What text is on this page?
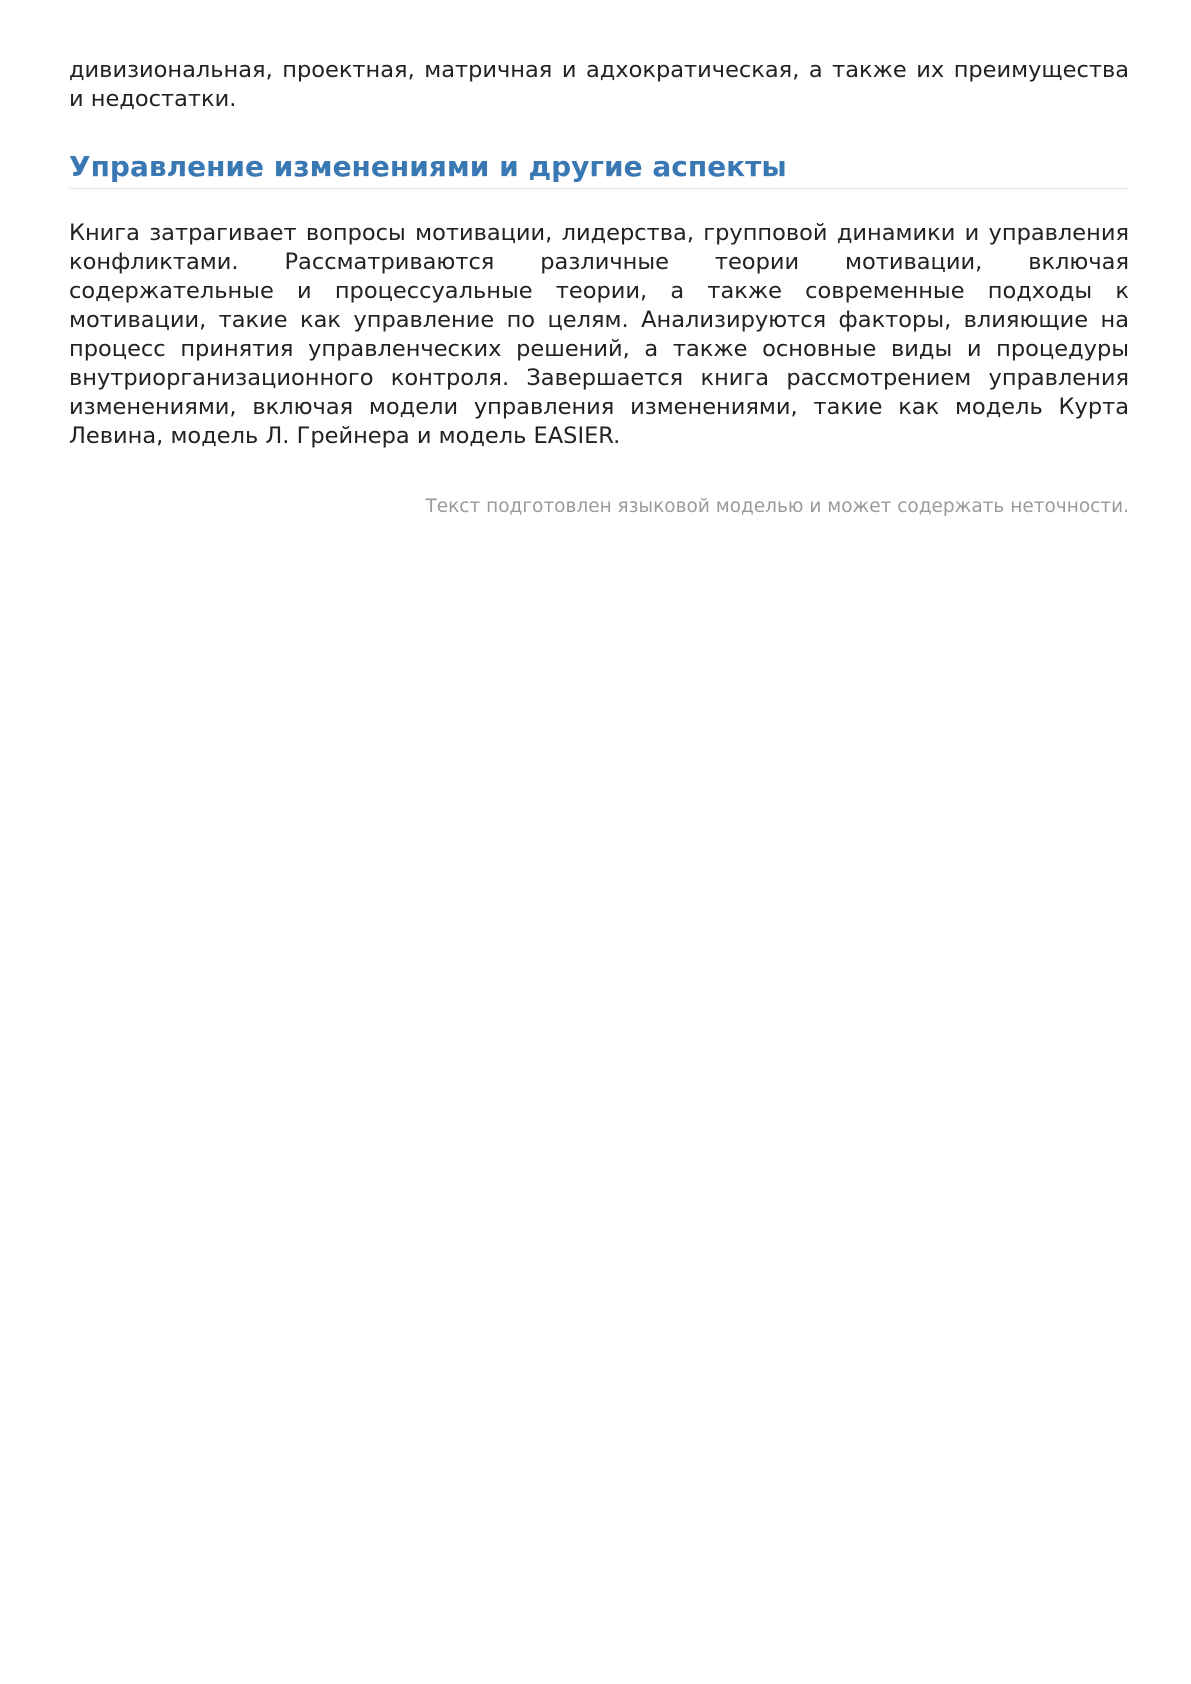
дивизиональная, проектная, матричная и адхократическая, а также их преимущества и недостатки.

Управление изменениями и другие аспекты

Книга затрагивает вопросы мотивации, лидерства, групповой динамики и управления конфликтами. Рассматриваются различные теории мотивации, включая содержательные и процессуальные теории, а также современные подходы к мотивации, такие как управление по целям. Анализируются факторы, влияющие на процесс принятия управленческих решений, а также основные виды и процедуры внутриорганизационного контроля. Завершается книга рассмотрением управления изменениями, включая модели управления изменениями, такие как модель Курта Левина, модель Л. Грейнера и модель EASIER.

Текст подготовлен языковой моделью и может содержать неточности.
